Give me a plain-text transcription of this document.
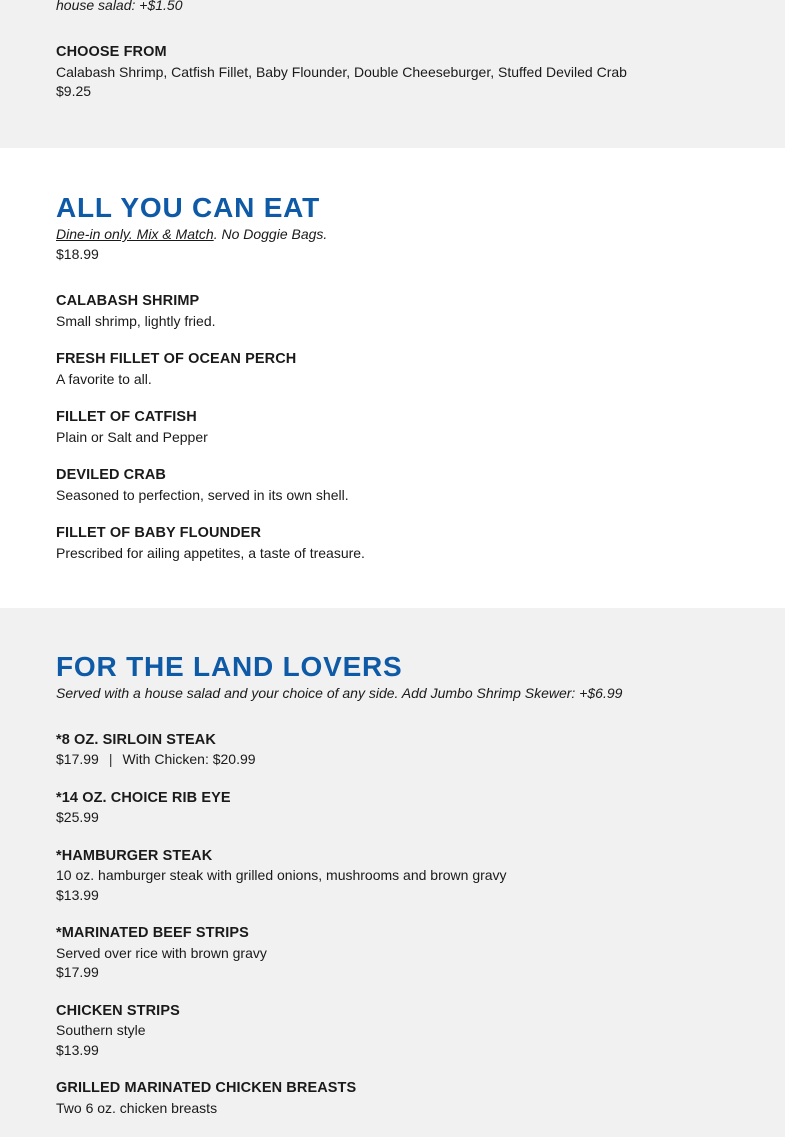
house salad: +$1.50

CHOOSE FROM

Calabash Shrimp, Catfish Fillet, Baby Flounder, Double Cheeseburger, Stuffed Deviled Crab

$9.25

ALL YOU CAN EAT

Dine-in only. Mix & Match. No Doggie Bags.

$18.99

CALABASH SHRIMP

Small shrimp, lightly fried.

FRESH FILLET OF OCEAN PERCH

A favorite to all.

FILLET OF CATFISH

Plain or Salt and Pepper

DEVILED CRAB

Seasoned to perfection, served in its own shell.

FILLET OF BABY FLOUNDER

Prescribed for ailing appetites, a taste of treasure.

FOR THE LAND LOVERS

Served with a house salad and your choice of any side. Add Jumbo Shrimp Skewer: +$6.99

*8 OZ. SIRLOIN STEAK

$17.99 | With Chicken: $20.99

*14 OZ. CHOICE RIB EYE

$25.99

*HAMBURGER STEAK

10 oz. hamburger steak with grilled onions, mushrooms and brown gravy

$13.99

*MARINATED BEEF STRIPS

Served over rice with brown gravy

$17.99

CHICKEN STRIPS

Southern style

$13.99

GRILLED MARINATED CHICKEN BREASTS

Two 6 oz. chicken breasts
